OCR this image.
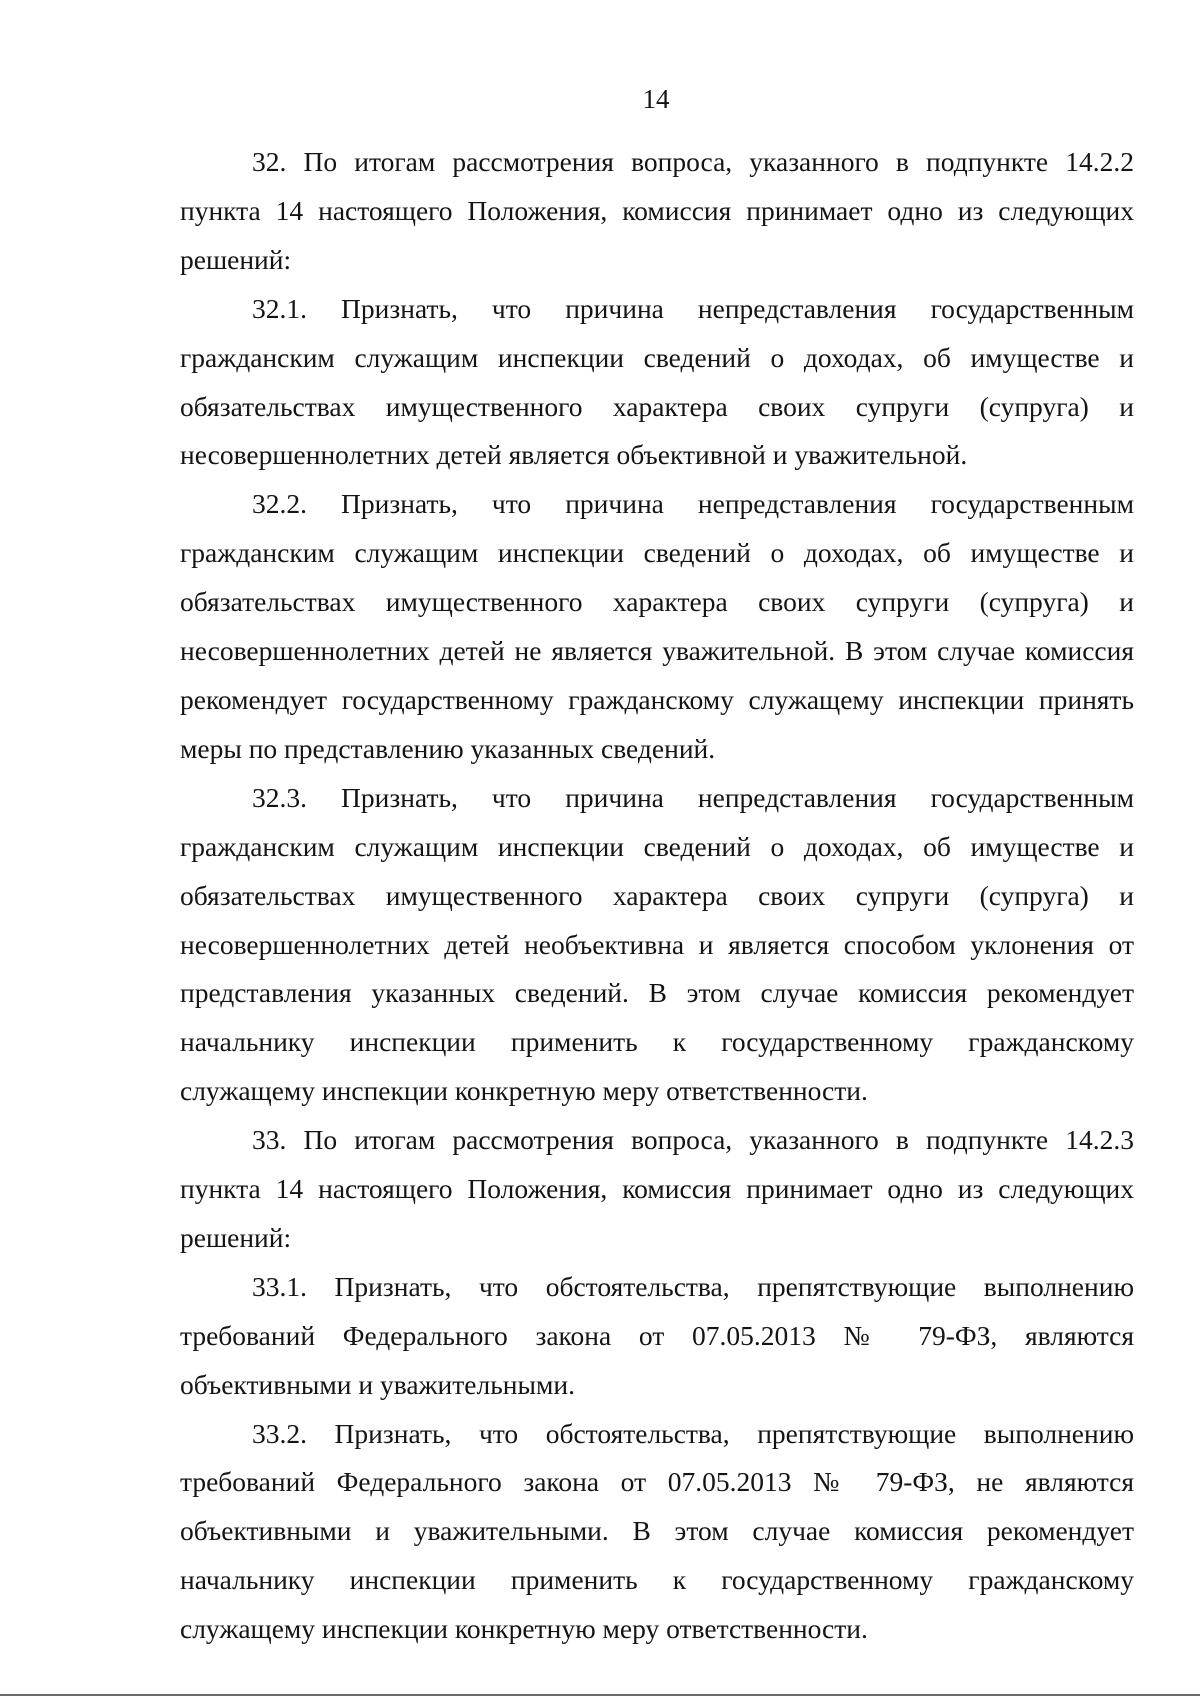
14

32. По итогам рассмотрения вопроса, указанного в подпункте 14.2.2 пункта 14 настоящего Положения, комиссия принимает одно из следующих решений:

32.1. Признать, что причина непредставления государственным гражданским служащим инспекции сведений о доходах, об имуществе и обязательствах имущественного характера своих супруги (супруга) и несовершеннолетних детей является объективной и уважительной.

32.2. Признать, что причина непредставления государственным гражданским служащим инспекции сведений о доходах, об имуществе и обязательствах имущественного характера своих супруги (супруга) и несовершеннолетних детей не является уважительной. В этом случае комиссия рекомендует государственному гражданскому служащему инспекции принять меры по представлению указанных сведений.

32.3. Признать, что причина непредставления государственным гражданским служащим инспекции сведений о доходах, об имуществе и обязательствах имущественного характера своих супруги (супруга) и несовершеннолетних детей необъективна и является способом уклонения от представления указанных сведений. В этом случае комиссия рекомендует начальнику инспекции применить к государственному гражданскому служащему инспекции конкретную меру ответственности.

33. По итогам рассмотрения вопроса, указанного в подпункте 14.2.3 пункта 14 настоящего Положения, комиссия принимает одно из следующих решений:

33.1. Признать, что обстоятельства, препятствующие выполнению требований Федерального закона от 07.05.2013 № 79-ФЗ, являются объективными и уважительными.

33.2. Признать, что обстоятельства, препятствующие выполнению требований Федерального закона от 07.05.2013 № 79-ФЗ, не являются объективными и уважительными. В этом случае комиссия рекомендует начальнику инспекции применить к государственному гражданскому служащему инспекции конкретную меру ответственности.
